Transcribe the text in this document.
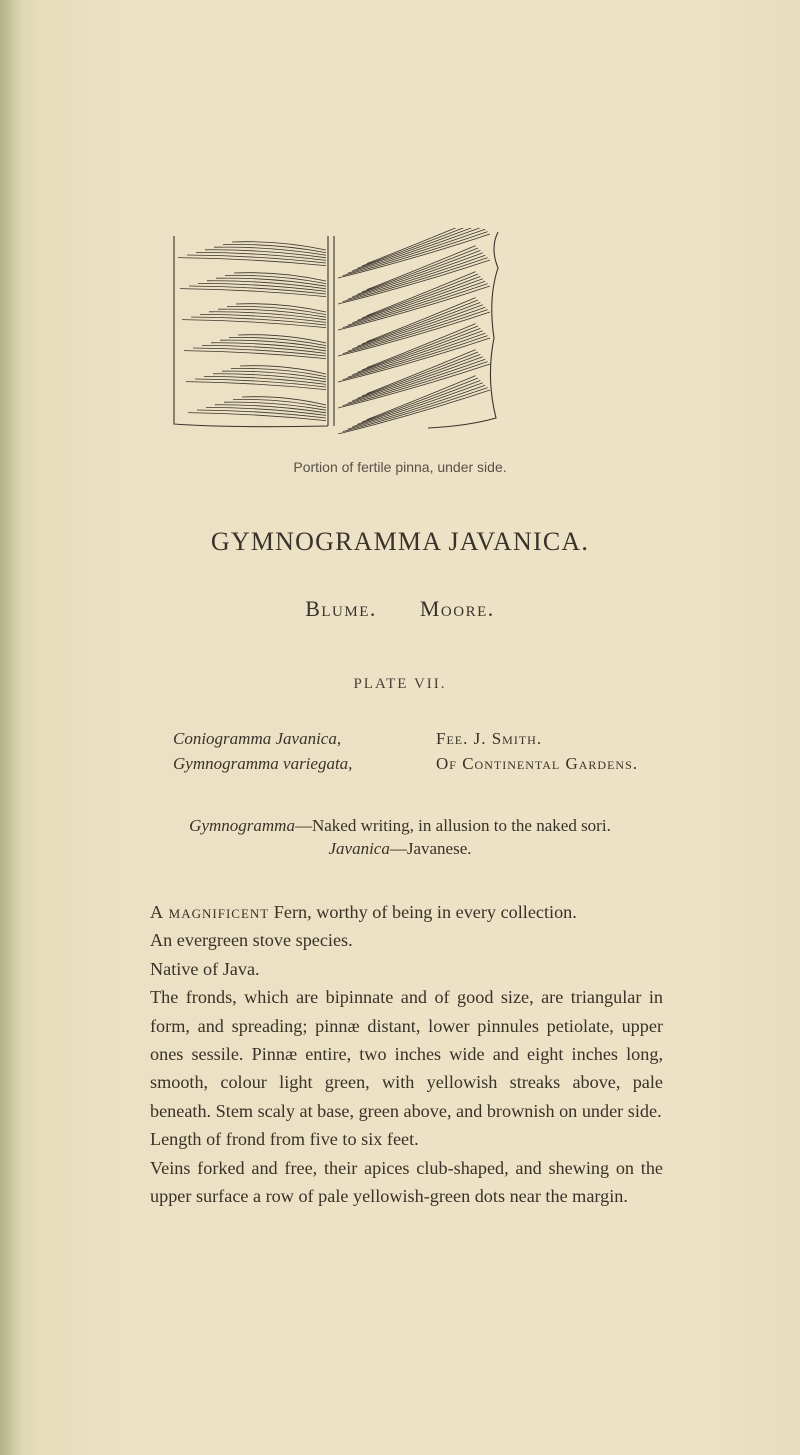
Portion of fertile pinna, under side.
GYMNOGRAMMA JAVANICA.
Blume. Moore.
PLATE VII.
Coniogramma Javanica,	Fee. J. Smith.
Gymnogramma variegata,	Of Continental Gardens.
Gymnogramma—Naked writing, in allusion to the naked sori.
Javanica—Javanese.

A magnificent Fern, worthy of being in every collection.

An evergreen stove species.

Native of Java.

The fronds, which are bipinnate and of good size, are triangular in form, and spreading; pinnæ distant, lower pinnules petiolate, upper ones sessile. Pinnæ entire, two inches wide and eight inches long, smooth, colour light green, with yellowish streaks above, pale beneath. Stem scaly at base, green above, and brownish on under side.

Length of frond from five to six feet.

Veins forked and free, their apices club-shaped, and shewing on the upper surface a row of pale yellowish-green dots near the margin.
